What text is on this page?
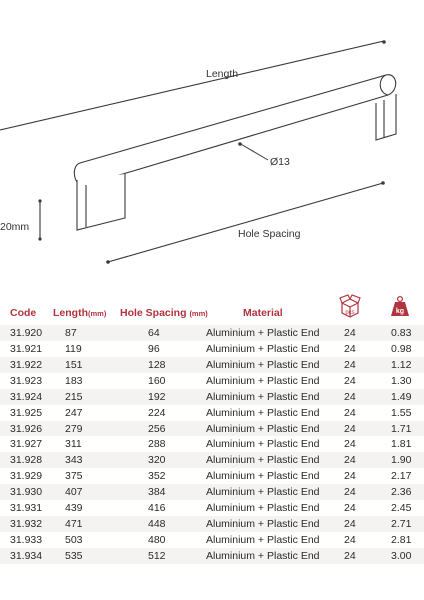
Length
Ø13
Hole Spacing
20mm
Code Length(mm) Hole Spacing (mm)	Material	pcs	kg
31.920 87	64	Aluminium + Plastic End 24	0.83
31.921 119	96	Aluminium + Plastic End 24	0.98
31.922 151	128	Aluminium + Plastic End 24	1.12
31.923 183	160	Aluminium + Plastic End 24	1.30
31.924 215	192	Aluminium + Plastic End 24	1.49
31.925 247	224	Aluminium + Plastic End 24	1.55
31.926 279	256	Aluminium + Plastic End 24	1.71
31.927 311	288	Aluminium + Plastic End 24	1.81
31.928 343	320	Aluminium + Plastic End 24	1.90
31.929 375	352	Aluminium + Plastic End 24	2.17
31.930 407	384	Aluminium + Plastic End 24	2.36
31.931 439	416	Aluminium + Plastic End 24	2.45
31.932 471	448	Aluminium + Plastic End 24	2.71
31.933 503	480	Aluminium + Plastic End 24	2.81
31.934 535	512	Aluminium + Plastic End 24	3.00
